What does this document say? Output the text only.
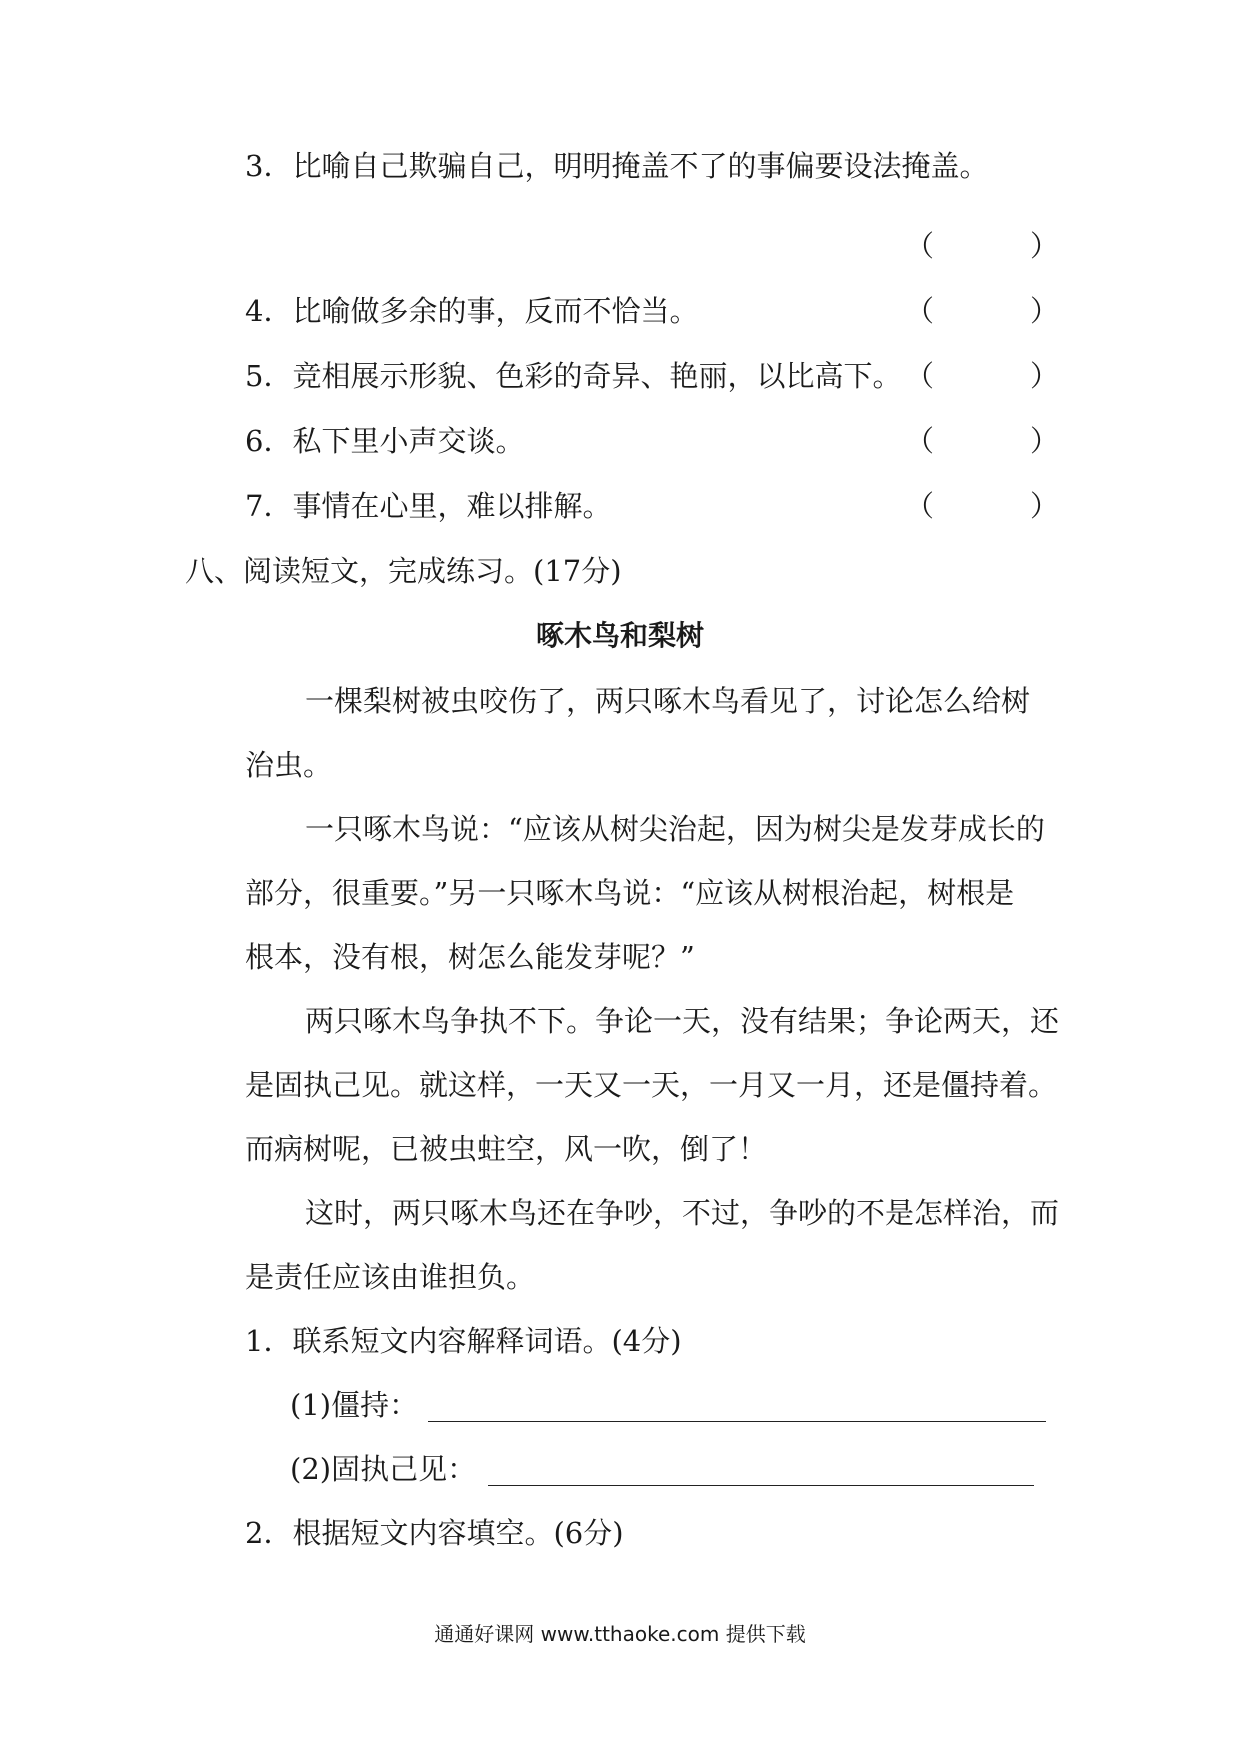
3．比喻自己欺骗自己，明明掩盖不了的事偏要设法掩盖。
（	）
4．比喻做多余的事，反而不恰当。	（	）
5．竞相展示形貌、色彩的奇异、艳丽，以比高下。 （	）
6．私下里小声交谈。	（	）
7．事情在心里，难以排解。	（	）
八、阅读短文，完成练习。(17分)
啄木鸟和梨树
一棵梨树被虫咬伤了，两只啄木鸟看见了，讨论怎么给树
治虫。
一只啄木鸟说：“应该从树尖治起，因为树尖是发芽成长的
部分，很重要。”另一只啄木鸟说：“应该从树根治起，树根是
根本，没有根，树怎么能发芽呢？”
两只啄木鸟争执不下。争论一天，没有结果；争论两天，还
是固执己见。就这样，一天又一天，一月又一月，还是僵持着。
而病树呢，已被虫蛀空，风一吹，倒了！
这时，两只啄木鸟还在争吵，不过，争吵的不是怎样治，而
是责任应该由谁担负。
1．联系短文内容解释词语。(4分)
(1)僵持：
(2)固执己见：
2．根据短文内容填空。(6分)
通通好课网 www.tthaoke.com 提供下载
